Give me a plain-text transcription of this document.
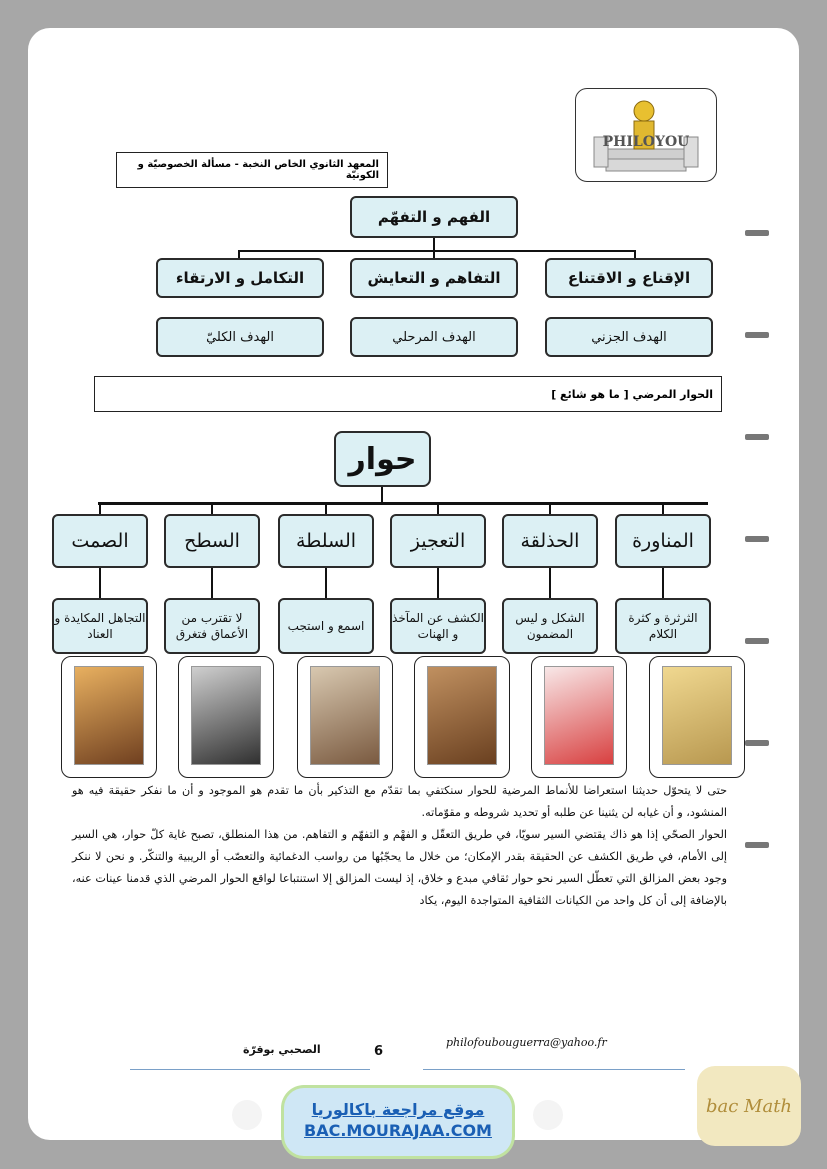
PHILOYOU
المعهد الثانوي الخاص النخبة - مسألة الخصوصيّة و الكونيّة
الفهم و التفهّم
الإقناع و الاقتناع
التفاهم و التعايش
التكامل و الارتقاء
الهدف الجزني
الهدف المرحلي
الهدف الكليّ
الحوار المرضي [ ما هو شائع ]
حوار
المناورة
الثرثرة و كثرة الكلام
الحذلقة
الشكل و ليس المضمون
التعجيز
الكشف عن المآخذ و الهنات
السلطة
اسمع و استجب
السطح
لا تقترب من الأعماق فتغرق
الصمت
التجاهل المكايدة و العناد

حتى لا يتحوّل حديثنا استعراضا للأنماط المرضية للحوار سنكتفي بما تقدّم مع التذكير بأن ما تقدم هو الموجود و أن ما نفكر حقيقة فيه هو المنشود، و أن غيابه لن يثنينا عن طلبه أو تحديد شروطه و مقوّماته.

الحوار الصحّي إذا هو ذاك يقتضي السير سويّا، في طريق التعقّل و الفهْم و التفهّم و التفاهم. من هذا المنطلق، تصبح غاية كلّ حوار، هي السير إلى الأمام، في طريق الكشف عن الحقيقة بقدر الإمكان؛ من خلال ما يحجّبُها من رواسب الدغمائية والتعصّب أو الريبية والتنكّر. و نحن لا ننكر وجود بعض المزالق التي تعطّل السير نحو حوار ثقافي مبدع و خلاق، إذ ليست المزالق إلا استنتباعا لواقع الحوار المرضي الذي قدمنا عينات عنه، بالإضافة إلى أن كل واحد من الكيانات الثقافية المتواجدة اليوم، يكاد

الصحبي بوقرّة	6
philofoubouguerra@yahoo.fr
موقع مراجعة باكالوريا
BAC.MOURAJAA.COM
bac Math
